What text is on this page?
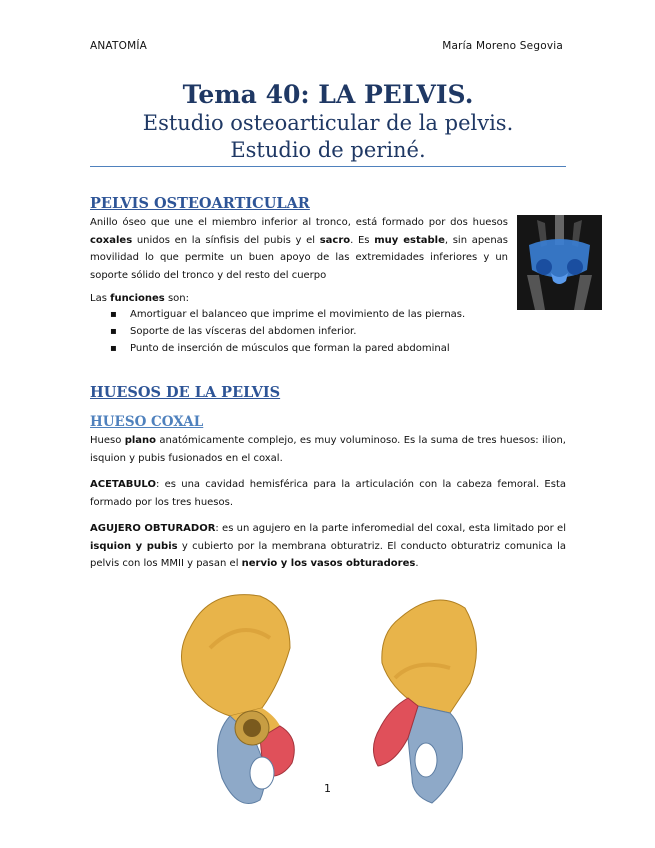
ANATOMÍA	María Moreno Segovia
Tema 40: LA PELVIS.
Estudio osteoarticular de la pelvis.
Estudio de periné.
PELVIS OSTEOARTICULAR
Anillo óseo que une el miembro inferior al tronco, está formado por dos huesos coxales unidos en la sínfisis del pubis y el sacro. Es muy estable, sin apenas movilidad lo que permite un buen apoyo de las extremidades inferiores y un soporte sólido del tronco y del resto del cuerpo
Las funciones son:
▪ Amortiguar el balanceo que imprime el movimiento de las piernas.
▪ Soporte de las vísceras del abdomen inferior.
▪ Punto de inserción de músculos que forman la pared abdominal
HUESOS DE LA PELVIS
HUESO COXAL
Hueso plano anatómicamente complejo, es muy voluminoso. Es la suma de tres huesos: ilion, isquion y pubis fusionados en el coxal.
ACETABULO: es una cavidad hemisférica para la articulación con la cabeza femoral. Esta formado por los tres huesos.
AGUJERO OBTURADOR: es un agujero en la parte inferomedial del coxal, esta limitado por el isquion y pubis y cubierto por la membrana obturatriz. El conducto obturatriz comunica la pelvis con los MMII y pasan el nervio y los vasos obturadores.
1
